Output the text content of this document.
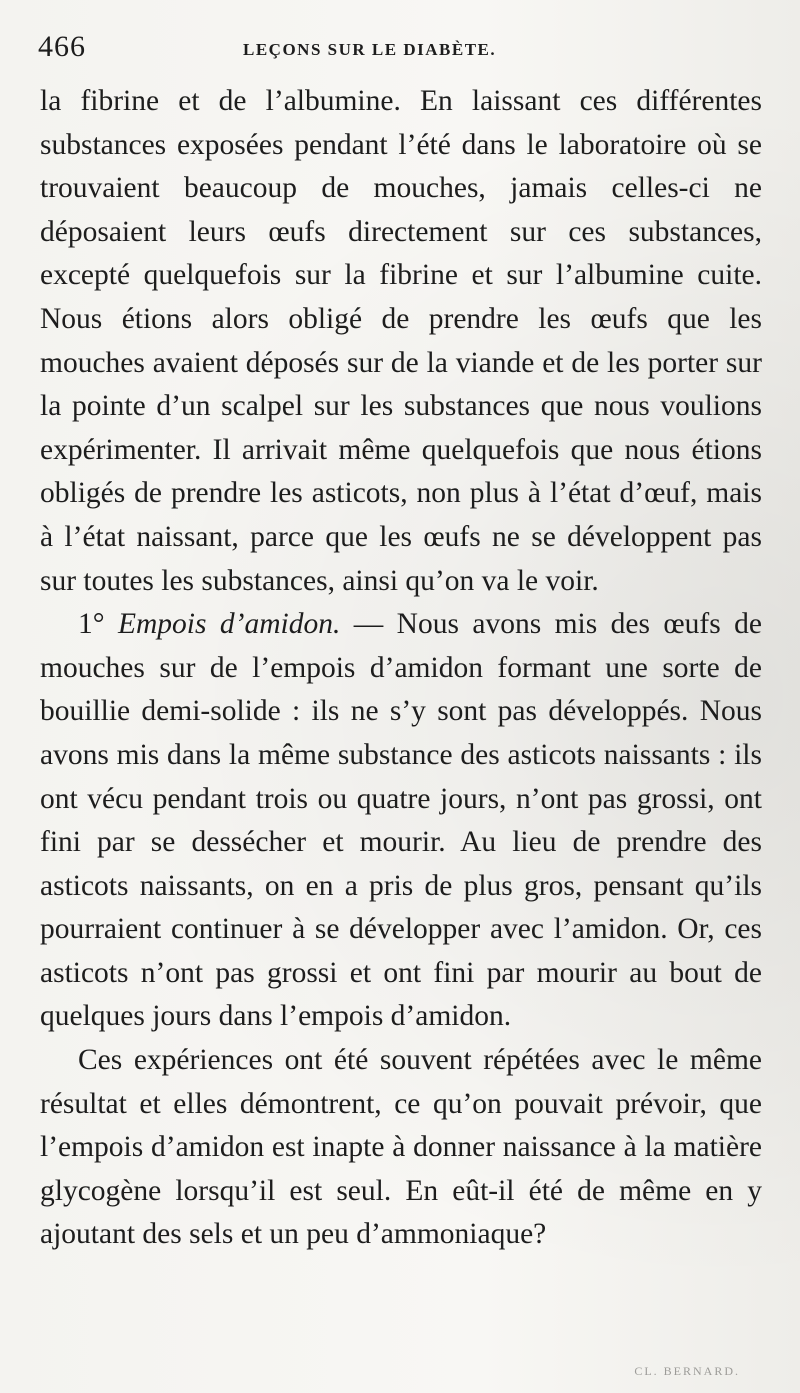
466	LEÇONS SUR LE DIABÈTE.

la fibrine et de l’albumine. En laissant ces différentes substances exposées pendant l’été dans le laboratoire où se trouvaient beaucoup de mouches, jamais celles-ci ne déposaient leurs œufs directement sur ces substances, excepté quelquefois sur la fibrine et sur l’albumine cuite. Nous étions alors obligé de prendre les œufs que les mouches avaient déposés sur de la viande et de les porter sur la pointe d’un scalpel sur les substances que nous voulions expérimenter. Il arrivait même quelquefois que nous étions obligés de prendre les asticots, non plus à l’état d’œuf, mais à l’état naissant, parce que les œufs ne se développent pas sur toutes les substances, ainsi qu’on va le voir.

1° Empois d’amidon. — Nous avons mis des œufs de mouches sur de l’empois d’amidon formant une sorte de bouillie demi-solide : ils ne s’y sont pas développés. Nous avons mis dans la même substance des asticots naissants : ils ont vécu pendant trois ou quatre jours, n’ont pas grossi, ont fini par se dessécher et mourir. Au lieu de prendre des asticots naissants, on en a pris de plus gros, pensant qu’ils pourraient continuer à se développer avec l’amidon. Or, ces asticots n’ont pas grossi et ont fini par mourir au bout de quelques jours dans l’empois d’amidon.

Ces expériences ont été souvent répétées avec le même résultat et elles démontrent, ce qu’on pouvait prévoir, que l’empois d’amidon est inapte à donner naissance à la matière glycogène lorsqu’il est seul. En eût-il été de même en y ajoutant des sels et un peu d’ammoniaque?

CL. BERNARD.
